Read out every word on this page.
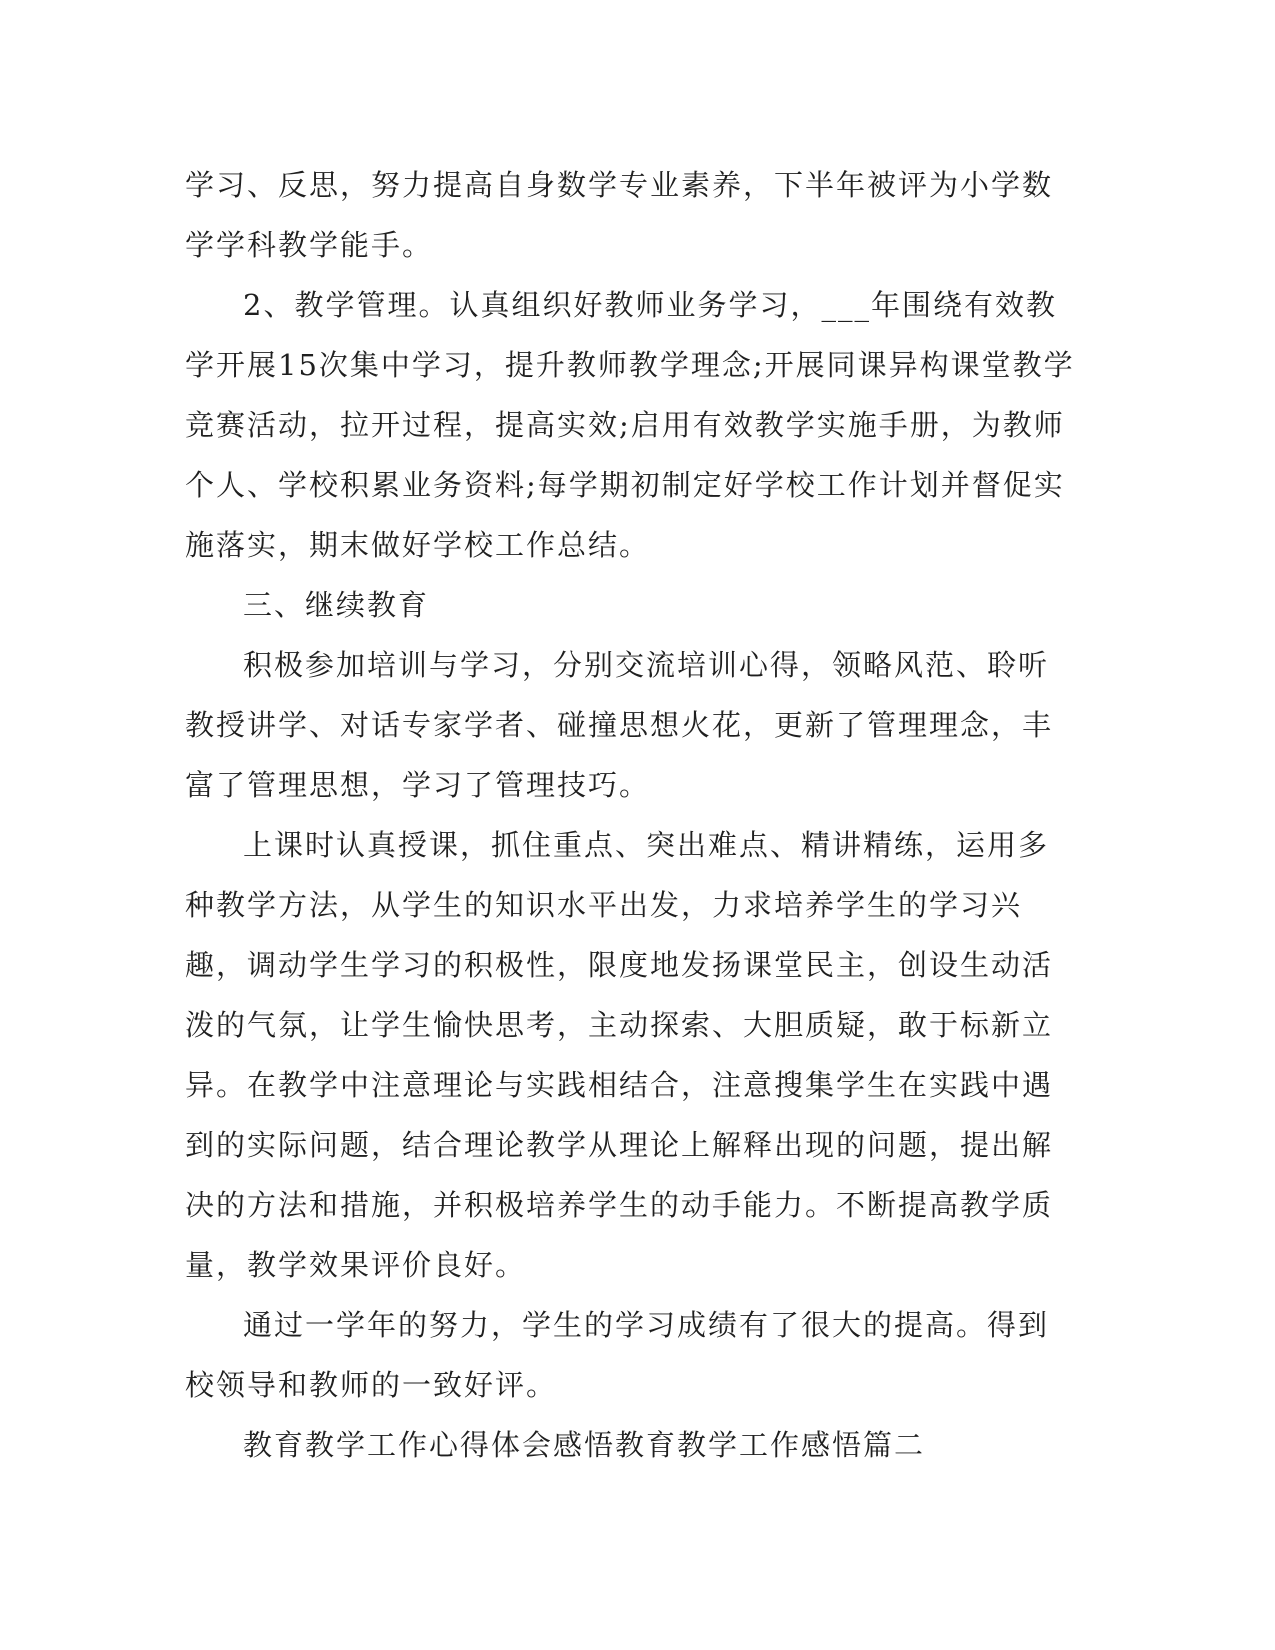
学习、反思，努力提高自身数学专业素养，下半年被评为小学数学学科教学能手。

2、教学管理。认真组织好教师业务学习，___年围绕有效教学开展15次集中学习，提升教师教学理念;开展同课异构课堂教学竞赛活动，拉开过程，提高实效;启用有效教学实施手册，为教师个人、学校积累业务资料;每学期初制定好学校工作计划并督促实施落实，期末做好学校工作总结。

三、继续教育

积极参加培训与学习，分别交流培训心得，领略风范、聆听教授讲学、对话专家学者、碰撞思想火花，更新了管理理念，丰富了管理思想，学习了管理技巧。

上课时认真授课，抓住重点、突出难点、精讲精练，运用多种教学方法，从学生的知识水平出发，力求培养学生的学习兴趣，调动学生学习的积极性，限度地发扬课堂民主，创设生动活泼的气氛，让学生愉快思考，主动探索、大胆质疑，敢于标新立异。在教学中注意理论与实践相结合，注意搜集学生在实践中遇到的实际问题，结合理论教学从理论上解释出现的问题，提出解决的方法和措施，并积极培养学生的动手能力。不断提高教学质量，教学效果评价良好。

通过一学年的努力，学生的学习成绩有了很大的提高。得到校领导和教师的一致好评。

教育教学工作心得体会感悟教育教学工作感悟篇二
